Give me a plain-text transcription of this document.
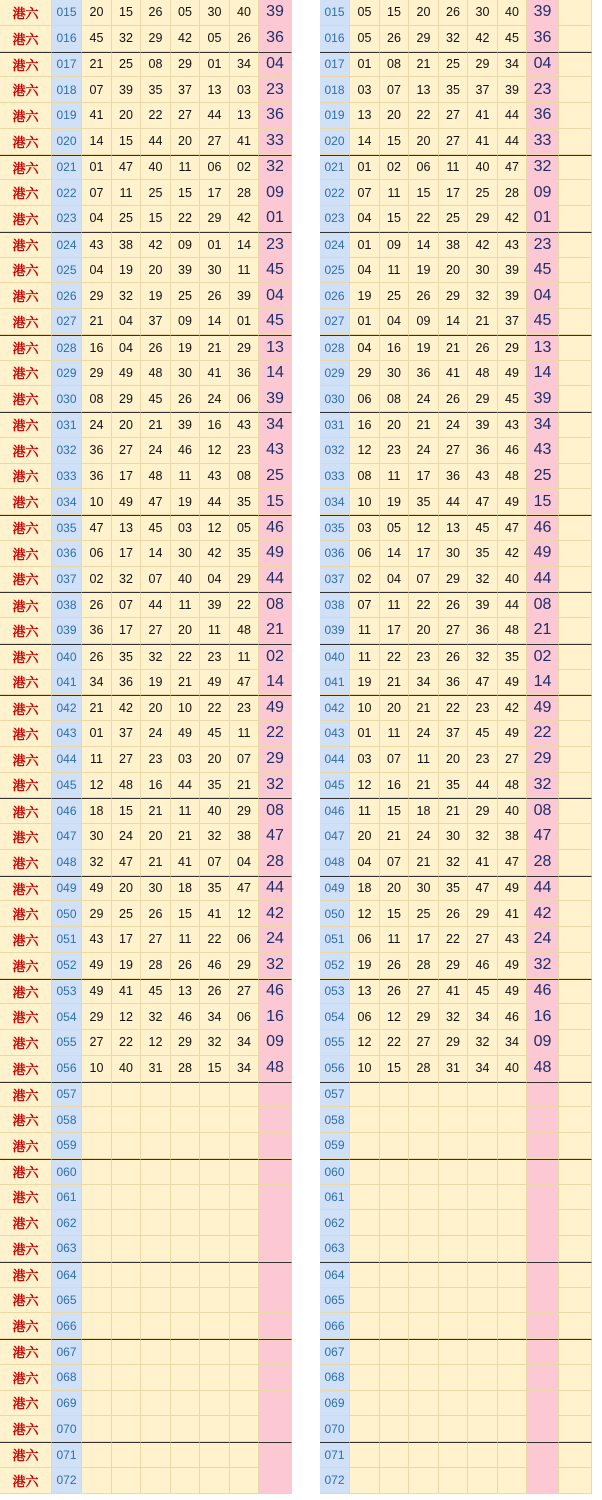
港六	015	20	15	26	05	30	40 39
港六	016	45	32	29	42	05	26 36
港六	017	21	25	08	29	01	34 04
港六	018	07	39	35	37	13	03 23
港六	019	41	20	22	27	44	13 36
港六	020	14	15	44	20	27	41 33
港六	021	01	47	40	11	06	02 32
港六	022	07	11	25	15	17	28 09
港六	023	04	25	15	22	29	42 01
港六	024	43	38	42	09	01	14 23
港六	025	04	19	20	39	30	11 45
港六	026	29	32	19	25	26	39 04
港六	027	21	04	37	09	14	01 45
港六	028	16	04	26	19	21	29 13
港六	029	29	49	48	30	41	36 14
港六	030	08	29	45	26	24	06 39
港六	031	24	20	21	39	16	43 34
港六	032	36	27	24	46	12	23 43
港六	033	36	17	48	11	43	08 25
港六	034	10	49	47	19	44	35 15
港六	035	47	13	45	03	12	05 46
港六	036	06	17	14	30	42	35 49
港六	037	02	32	07	40	04	29 44
港六	038	26	07	44	11	39	22 08
港六	039	36	17	27	20	11	48 21
港六	040	26	35	32	22	23	11 02
港六	041	34	36	19	21	49	47 14
港六	042	21	42	20	10	22	23 49
港六	043	01	37	24	49	45	11 22
港六	044	11	27	23	03	20	07 29
港六	045	12	48	16	44	35	21 32
港六	046	18	15	21	11	40	29 08
港六	047	30	24	20	21	32	38 47
港六	048	32	47	21	41	07	04 28
港六	049	49	20	30	18	35	47 44
港六	050	29	25	26	15	41	12 42
港六	051	43	17	27	11	22	06 24
港六	052	49	19	28	26	46	29 32
港六	053	49	41	45	13	26	27 46
港六	054	29	12	32	46	34	06 16
港六	055	27	22	12	29	32	34 09
港六	056	10	40	31	28	15	34 48
港六	057
港六	058
港六	059
港六	060
港六	061
港六	062
港六	063
港六	064
港六	065
港六	066
港六	067
港六	068
港六	069
港六	070
港六	071
港六	072
015	05	15	20	26	30	40 39
016	05	26	29	32	42	45 36
017	01	08	21	25	29	34 04
018	03	07	13	35	37	39 23
019	13	20	22	27	41	44 36
020	14	15	20	27	41	44 33
021	01	02	06	11	40	47 32
022	07	11	15	17	25	28 09
023	04	15	22	25	29	42 01
024	01	09	14	38	42	43 23
025	04	11	19	20	30	39 45
026	19	25	26	29	32	39 04
027	01	04	09	14	21	37 45
028	04	16	19	21	26	29 13
029	29	30	36	41	48	49 14
030	06	08	24	26	29	45 39
031	16	20	21	24	39	43 34
032	12	23	24	27	36	46 43
033	08	11	17	36	43	48 25
034	10	19	35	44	47	49 15
035	03	05	12	13	45	47 46
036	06	14	17	30	35	42 49
037	02	04	07	29	32	40 44
038	07	11	22	26	39	44 08
039	11	17	20	27	36	48 21
040	11	22	23	26	32	35 02
041	19	21	34	36	47	49 14
042	10	20	21	22	23	42 49
043	01	11	24	37	45	49 22
044	03	07	11	20	23	27 29
045	12	16	21	35	44	48 32
046	11	15	18	21	29	40 08
047	20	21	24	30	32	38 47
048	04	07	21	32	41	47 28
049	18	20	30	35	47	49 44
050	12	15	25	26	29	41 42
051	06	11	17	22	27	43 24
052	19	26	28	29	46	49 32
053	13	26	27	41	45	49 46
054	06	12	29	32	34	46 16
055	12	22	27	29	32	34 09
056	10	15	28	31	34	40 48
057
058
059
060
061
062
063
064
065
066
067
068
069
070
071
072
